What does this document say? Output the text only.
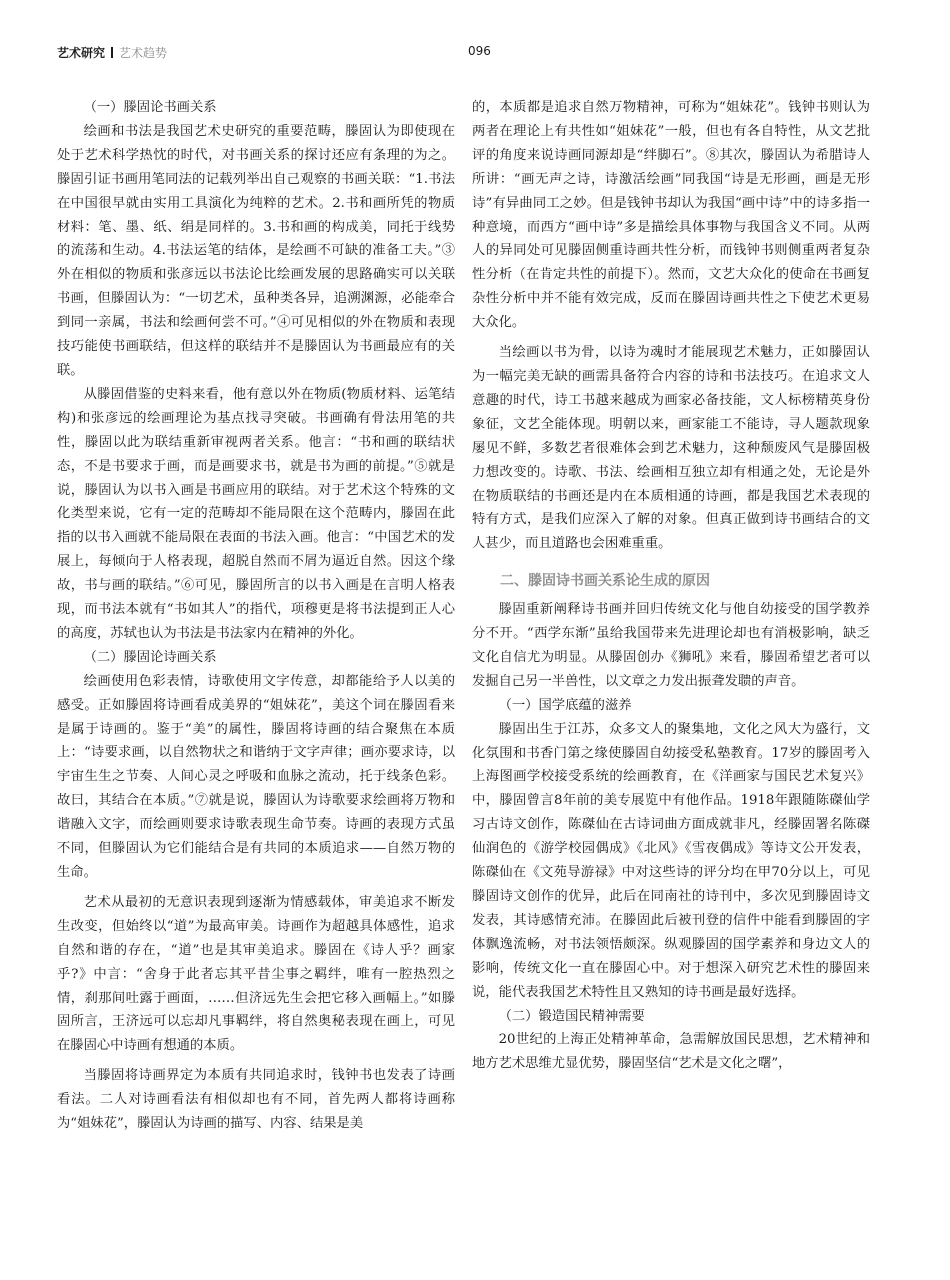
艺术研究 艺术趋势	096
（一）滕固论书画关系

绘画和书法是我国艺术史研究的重要范畴，滕固认为即使现在处于艺术科学热忱的时代，对书画关系的探讨还应有条理的为之。滕固引证书画用笔同法的记载列举出自己观察的书画关联：“1.书法在中国很早就由实用工具演化为纯粹的艺术。2.书和画所凭的物质材料：笔、墨、纸、绢是同样的。3.书和画的构成美，同托于线势的流荡和生动。4.书法运笔的结体，是绘画不可缺的准备工夫。”③外在相似的物质和张彦远以书法论比绘画发展的思路确实可以关联书画，但滕固认为：“一切艺术，虽种类各异，追溯渊源，必能牵合到同一亲属，书法和绘画何尝不可。”④可见相似的外在物质和表现技巧能使书画联结，但这样的联结并不是滕固认为书画最应有的关联。

从滕固借鉴的史料来看，他有意以外在物质(物质材料、运笔结构)和张彦远的绘画理论为基点找寻突破。书画确有骨法用笔的共性，滕固以此为联结重新审视两者关系。他言：“书和画的联结状态，不是书要求于画，而是画要求书，就是书为画的前提。”⑤就是说，滕固认为以书入画是书画应用的联结。对于艺术这个特殊的文化类型来说，它有一定的范畴却不能局限在这个范畴内，滕固在此指的以书入画就不能局限在表面的书法入画。他言：“中国艺术的发展上，每倾向于人格表现，超脱自然而不屑为逼近自然。因这个缘故，书与画的联结。”⑥可见，滕固所言的以书入画是在言明人格表现，而书法本就有“书如其人”的指代，项穆更是将书法提到正人心的高度，苏轼也认为书法是书法家内在精神的外化。

（二）滕固论诗画关系

绘画使用色彩表情，诗歌使用文字传意，却都能给予人以美的感受。正如滕固将诗画看成美界的“姐妹花”，美这个词在滕固看来是属于诗画的。鉴于“美”的属性，滕固将诗画的结合聚焦在本质上：“诗要求画，以自然物状之和谐纳于文字声律；画亦要求诗，以宇宙生生之节奏、人间心灵之呼吸和血脉之流动，托于线条色彩。故曰，其结合在本质。”⑦就是说，滕固认为诗歌要求绘画将万物和谐融入文字，而绘画则要求诗歌表现生命节奏。诗画的表现方式虽不同，但滕固认为它们能结合是有共同的本质追求——自然万物的生命。

艺术从最初的无意识表现到逐渐为情感载体，审美追求不断发生改变，但始终以“道”为最高审美。诗画作为超越具体感性，追求自然和谐的存在，“道”也是其审美追求。滕固在《诗人乎？画家乎?》中言：“舍身于此者忘其平昔尘事之羁绊，唯有一腔热烈之情，刹那间吐露于画面，……但济远先生会把它移入画幅上。”如滕固所言，王济远可以忘却凡事羁绊，将自然奥秘表现在画上，可见在滕固心中诗画有想通的本质。

当滕固将诗画界定为本质有共同追求时，钱钟书也发表了诗画看法。二人对诗画看法有相似却也有不同，首先两人都将诗画称为“姐妹花”，滕固认为诗画的描写、内容、结果是美

的，本质都是追求自然万物精神，可称为“姐妹花”。钱钟书则认为两者在理论上有共性如“姐妹花”一般，但也有各自特性，从文艺批评的角度来说诗画同源却是“绊脚石”。⑧其次，滕固认为希腊诗人所讲：“画无声之诗，诗激活绘画”同我国“诗是无形画，画是无形诗”有异曲同工之妙。但是钱钟书却认为我国“画中诗”中的诗多指一种意境，而西方“画中诗”多是描绘具体事物与我国含义不同。从两人的异同处可见滕固侧重诗画共性分析，而钱钟书则侧重两者复杂性分析（在肯定共性的前提下）。然而，文艺大众化的使命在书画复杂性分析中并不能有效完成，反而在滕固诗画共性之下使艺术更易大众化。

当绘画以书为骨，以诗为魂时才能展现艺术魅力，正如滕固认为一幅完美无缺的画需具备符合内容的诗和书法技巧。在追求文人意趣的时代，诗工书越来越成为画家必备技能，文人标榜精英身份象征，文艺全能体现。明朝以来，画家能工不能诗，寻人题款现象屡见不鲜，多数艺者很难体会到艺术魅力，这种颓废风气是滕固极力想改变的。诗歌、书法、绘画相互独立却有相通之处，无论是外在物质联结的书画还是内在本质相通的诗画，都是我国艺术表现的特有方式，是我们应深入了解的对象。但真正做到诗书画结合的文人甚少，而且道路也会困难重重。

二、滕固诗书画关系论生成的原因

滕固重新阐释诗书画并回归传统文化与他自幼接受的国学教养分不开。“西学东渐”虽给我国带来先进理论却也有消极影响，缺乏文化自信尤为明显。从滕固创办《狮吼》来看，滕固希望艺者可以发掘自己另一半兽性，以文章之力发出振聋发聩的声音。

（一）国学底蕴的滋养

滕固出生于江苏，众多文人的聚集地，文化之风大为盛行，文化氛围和书香门第之缘使滕固自幼接受私塾教育。17岁的滕固考入上海图画学校接受系统的绘画教育，在《洋画家与国民艺术复兴》中，滕固曾言8年前的美专展览中有他作品。1918年跟随陈磔仙学习古诗文创作，陈磔仙在古诗词曲方面成就非凡，经滕固署名陈磔仙润色的《游学校园偶成》《北风》《雪夜偶成》等诗文公开发表，陈磔仙在《文苑导游禄》中对这些诗的评分均在甲70分以上，可见滕固诗文创作的优异，此后在同南社的诗刊中，多次见到滕固诗文发表，其诗感情充沛。在滕固此后被刊登的信件中能看到滕固的字体飘逸流畅，对书法领悟颇深。纵观滕固的国学素养和身边文人的影响，传统文化一直在滕固心中。对于想深入研究艺术性的滕固来说，能代表我国艺术特性且又熟知的诗书画是最好选择。

（二）锻造国民精神需要

20世纪的上海正处精神革命，急需解放国民思想，艺术精神和地方艺术思维尤显优势，滕固坚信“艺术是文化之曙”，
